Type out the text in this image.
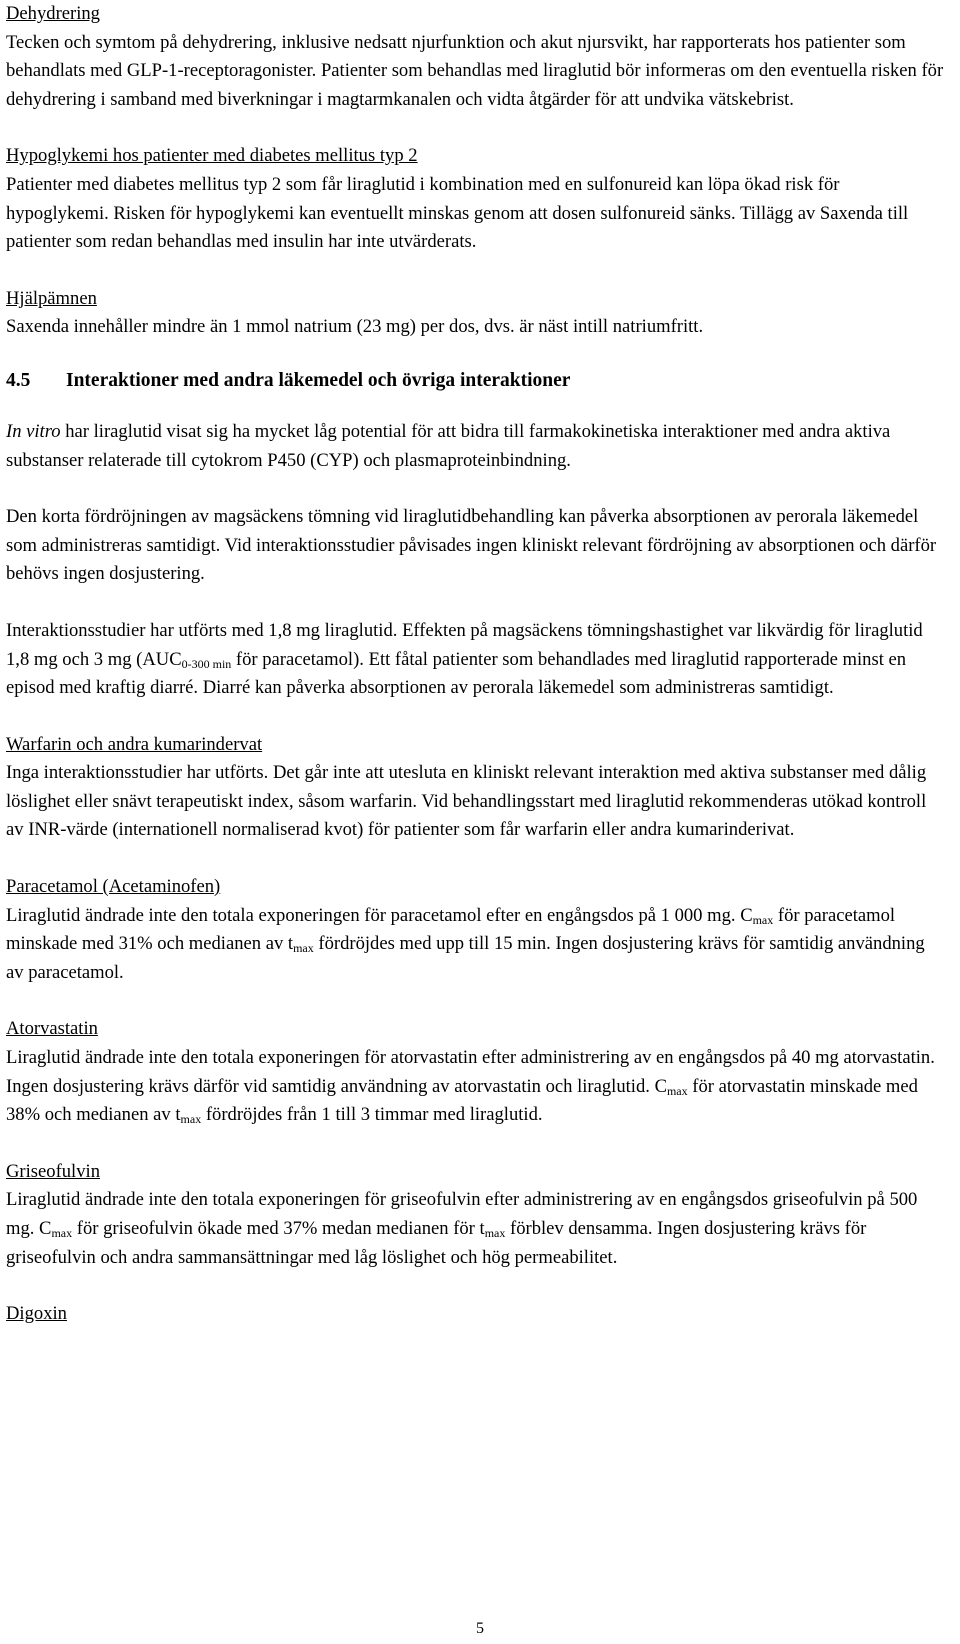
Dehydrering

Tecken och symtom på dehydrering, inklusive nedsatt njurfunktion och akut njursvikt, har rapporterats hos patienter som behandlats med GLP-1-receptoragonister. Patienter som behandlas med liraglutid bör informeras om den eventuella risken för dehydrering i samband med biverkningar i magtarmkanalen och vidta åtgärder för att undvika vätskebrist.

Hypoglykemi hos patienter med diabetes mellitus typ 2

Patienter med diabetes mellitus typ 2 som får liraglutid i kombination med en sulfonureid kan löpa ökad risk för hypoglykemi. Risken för hypoglykemi kan eventuellt minskas genom att dosen sulfonureid sänks. Tillägg av Saxenda till patienter som redan behandlas med insulin har inte utvärderats.

Hjälpämnen

Saxenda innehåller mindre än 1 mmol natrium (23 mg) per dos, dvs. är näst intill natriumfritt.

4.5 Interaktioner med andra läkemedel och övriga interaktioner

In vitro har liraglutid visat sig ha mycket låg potential för att bidra till farmakokinetiska interaktioner med andra aktiva substanser relaterade till cytokrom P450 (CYP) och plasmaproteinbindning.

Den korta fördröjningen av magsäckens tömning vid liraglutidbehandling kan påverka absorptionen av perorala läkemedel som administreras samtidigt. Vid interaktionsstudier påvisades ingen kliniskt relevant fördröjning av absorptionen och därför behövs ingen dosjustering.

Interaktionsstudier har utförts med 1,8 mg liraglutid. Effekten på magsäckens tömningshastighet var likvärdig för liraglutid 1,8 mg och 3 mg ($AUC_{0-300 min}$ för paracetamol). Ett fåtal patienter som behandlades med liraglutid rapporterade minst en episod med kraftig diarré. Diarré kan påverka absorptionen av perorala läkemedel som administreras samtidigt.

Warfarin och andra kumarindervat

Inga interaktionsstudier har utförts. Det går inte att utesluta en kliniskt relevant interaktion med aktiva substanser med dålig löslighet eller snävt terapeutiskt index, såsom warfarin. Vid behandlingsstart med liraglutid rekommenderas utökad kontroll av INR-värde (internationell normaliserad kvot) för patienter som får warfarin eller andra kumarinderivat.

Paracetamol (Acetaminofen)

Liraglutid ändrade inte den totala exponeringen för paracetamol efter en engångsdos på 1 000 mg. $C_{max}$ för paracetamol minskade med 31% och medianen av $t_{max}$ fördröjdes med upp till 15 min. Ingen dosjustering krävs för samtidig användning av paracetamol.

Atorvastatin

Liraglutid ändrade inte den totala exponeringen för atorvastatin efter administrering av en engångsdos på 40 mg atorvastatin. Ingen dosjustering krävs därför vid samtidig användning av atorvastatin och liraglutid. $C_{max}$ för atorvastatin minskade med 38% och medianen av $t_{max}$ fördröjdes från 1 till 3 timmar med liraglutid.

Griseofulvin

Liraglutid ändrade inte den totala exponeringen för griseofulvin efter administrering av en engångsdos griseofulvin på 500 mg. $C_{max}$ för griseofulvin ökade med 37% medan medianen för $t_{max}$ förblev densamma. Ingen dosjustering krävs för griseofulvin och andra sammansättningar med låg löslighet och hög permeabilitet.

Digoxin
5
